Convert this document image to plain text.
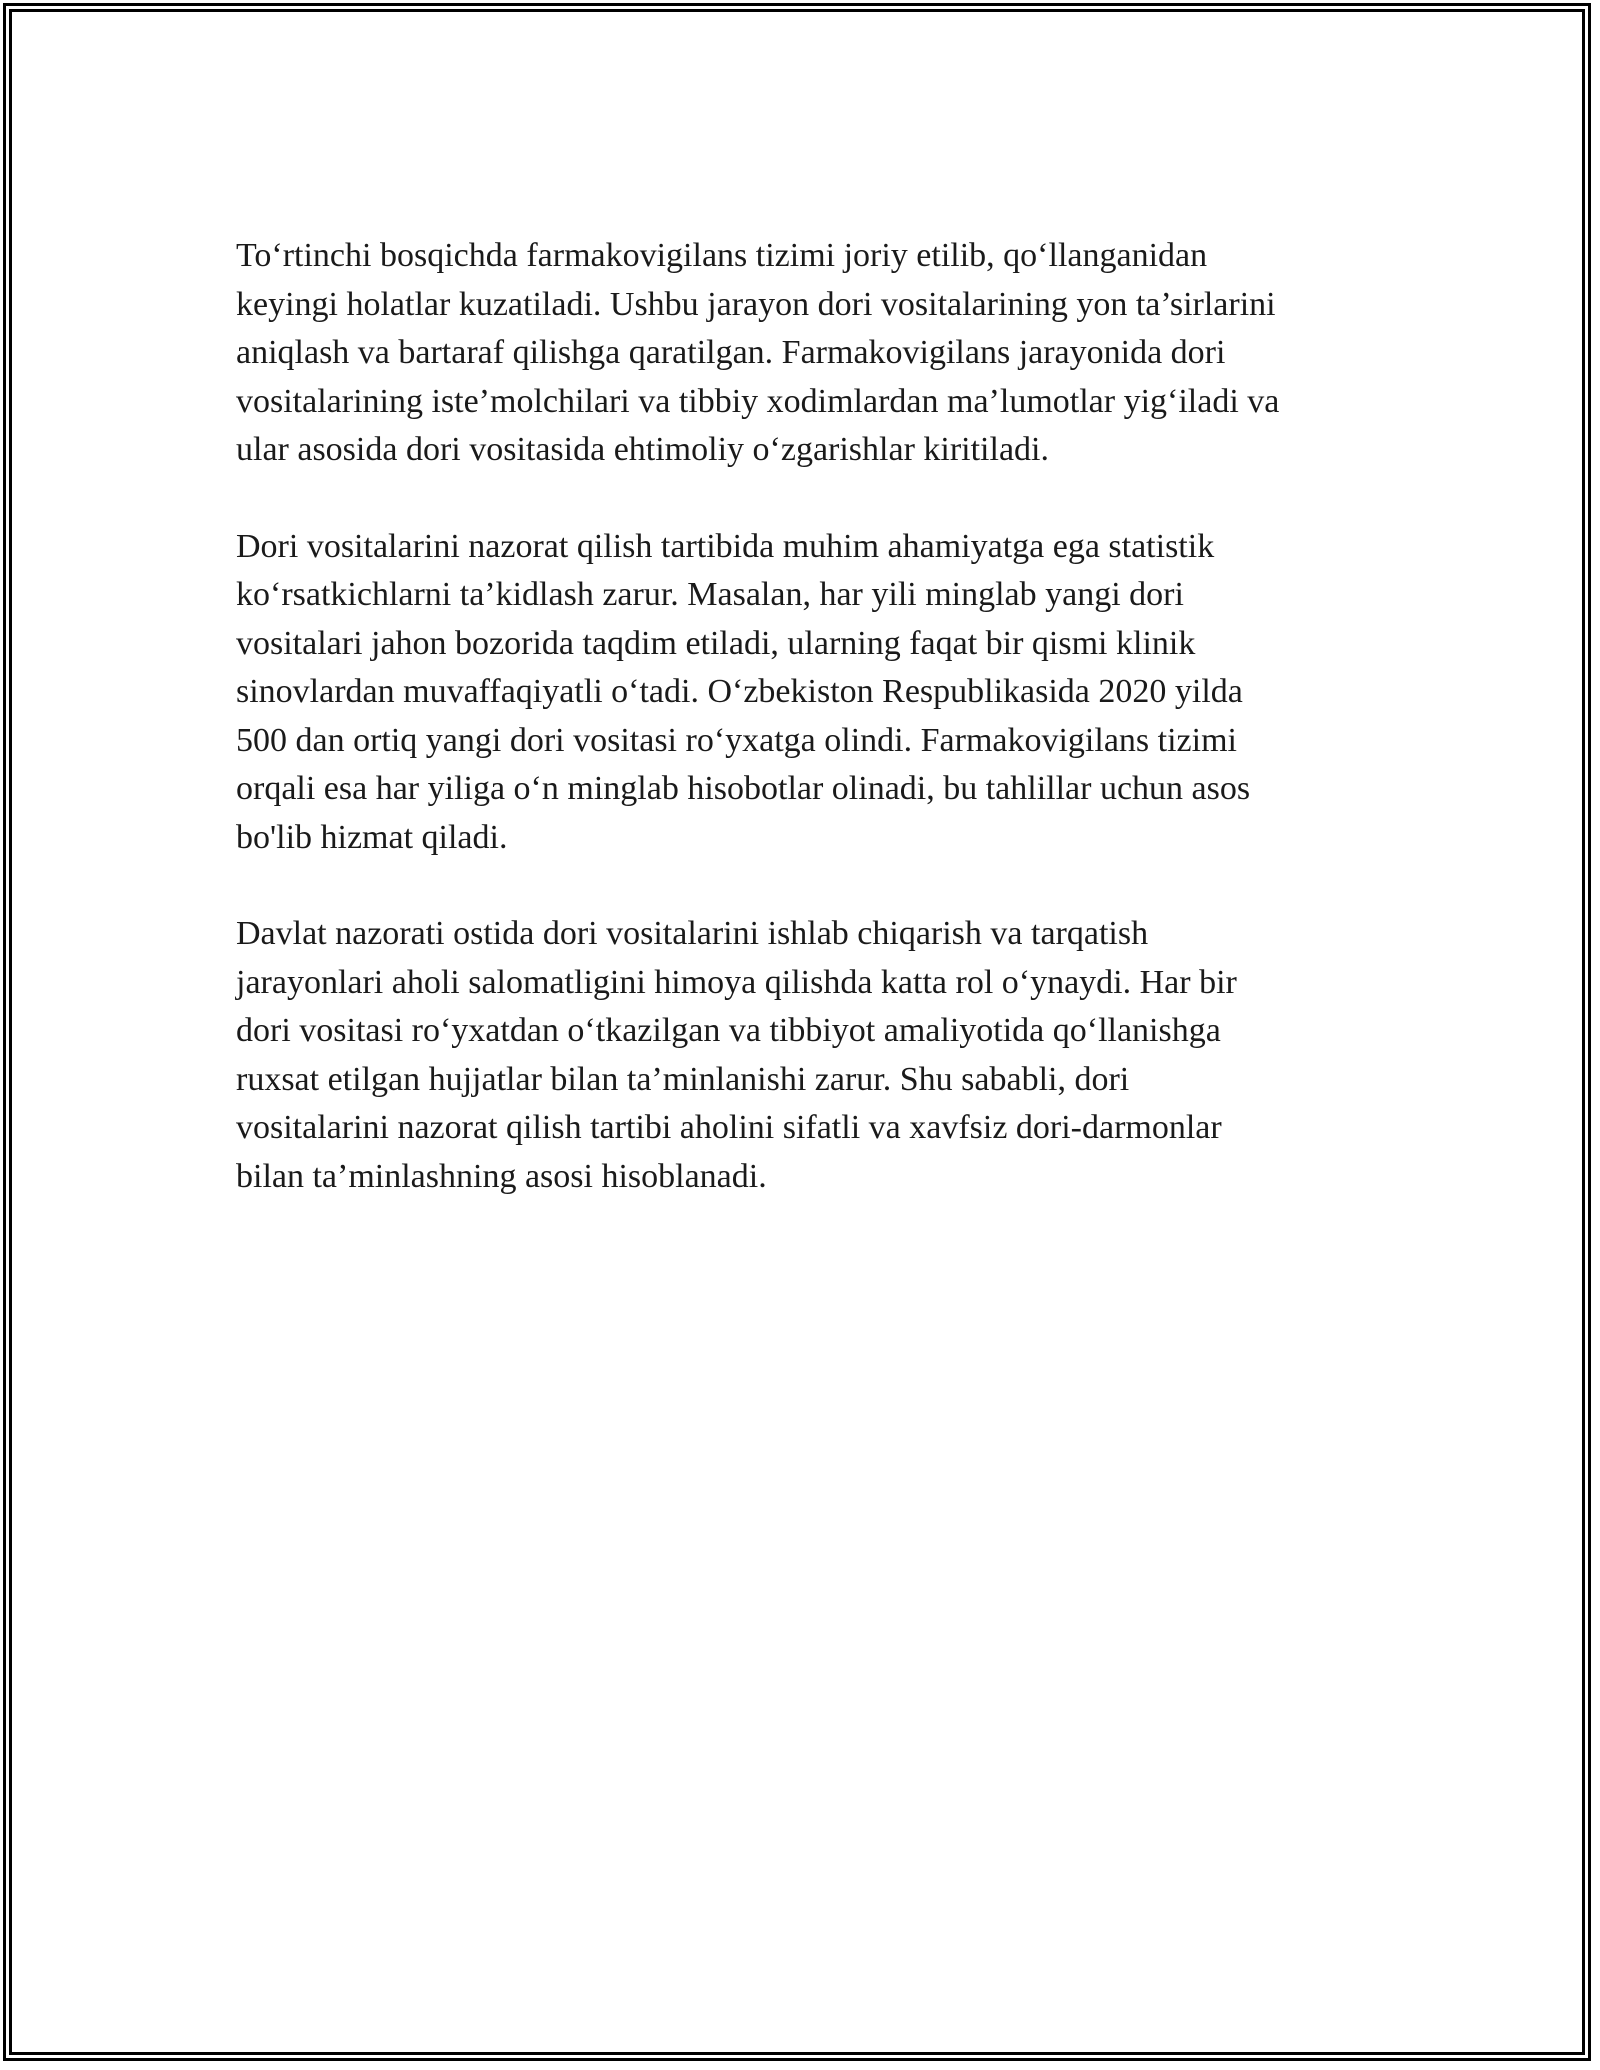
To‘rtinchi bosqichda farmakovigilans tizimi joriy etilib, qo‘llanganidan
keyingi holatlar kuzatiladi. Ushbu jarayon dori vositalarining yon ta’sirlarini
aniqlash va bartaraf qilishga qaratilgan. Farmakovigilans jarayonida dori
vositalarining iste’molchilari va tibbiy xodimlardan ma’lumotlar yig‘iladi va
ular asosida dori vositasida ehtimoliy o‘zgarishlar kiritiladi.

Dori vositalarini nazorat qilish tartibida muhim ahamiyatga ega statistik
ko‘rsatkichlarni ta’kidlash zarur. Masalan, har yili minglab yangi dori
vositalari jahon bozorida taqdim etiladi, ularning faqat bir qismi klinik
sinovlardan muvaffaqiyatli o‘tadi. O‘zbekiston Respublikasida 2020 yilda
500 dan ortiq yangi dori vositasi ro‘yxatga olindi. Farmakovigilans tizimi
orqali esa har yiliga o‘n minglab hisobotlar olinadi, bu tahlillar uchun asos
bo'lib hizmat qiladi.

Davlat nazorati ostida dori vositalarini ishlab chiqarish va tarqatish
jarayonlari aholi salomatligini himoya qilishda katta rol o‘ynaydi. Har bir
dori vositasi ro‘yxatdan o‘tkazilgan va tibbiyot amaliyotida qo‘llanishga
ruxsat etilgan hujjatlar bilan ta’minlanishi zarur. Shu sababli, dori
vositalarini nazorat qilish tartibi aholini sifatli va xavfsiz dori-darmonlar
bilan ta’minlashning asosi hisoblanadi.
